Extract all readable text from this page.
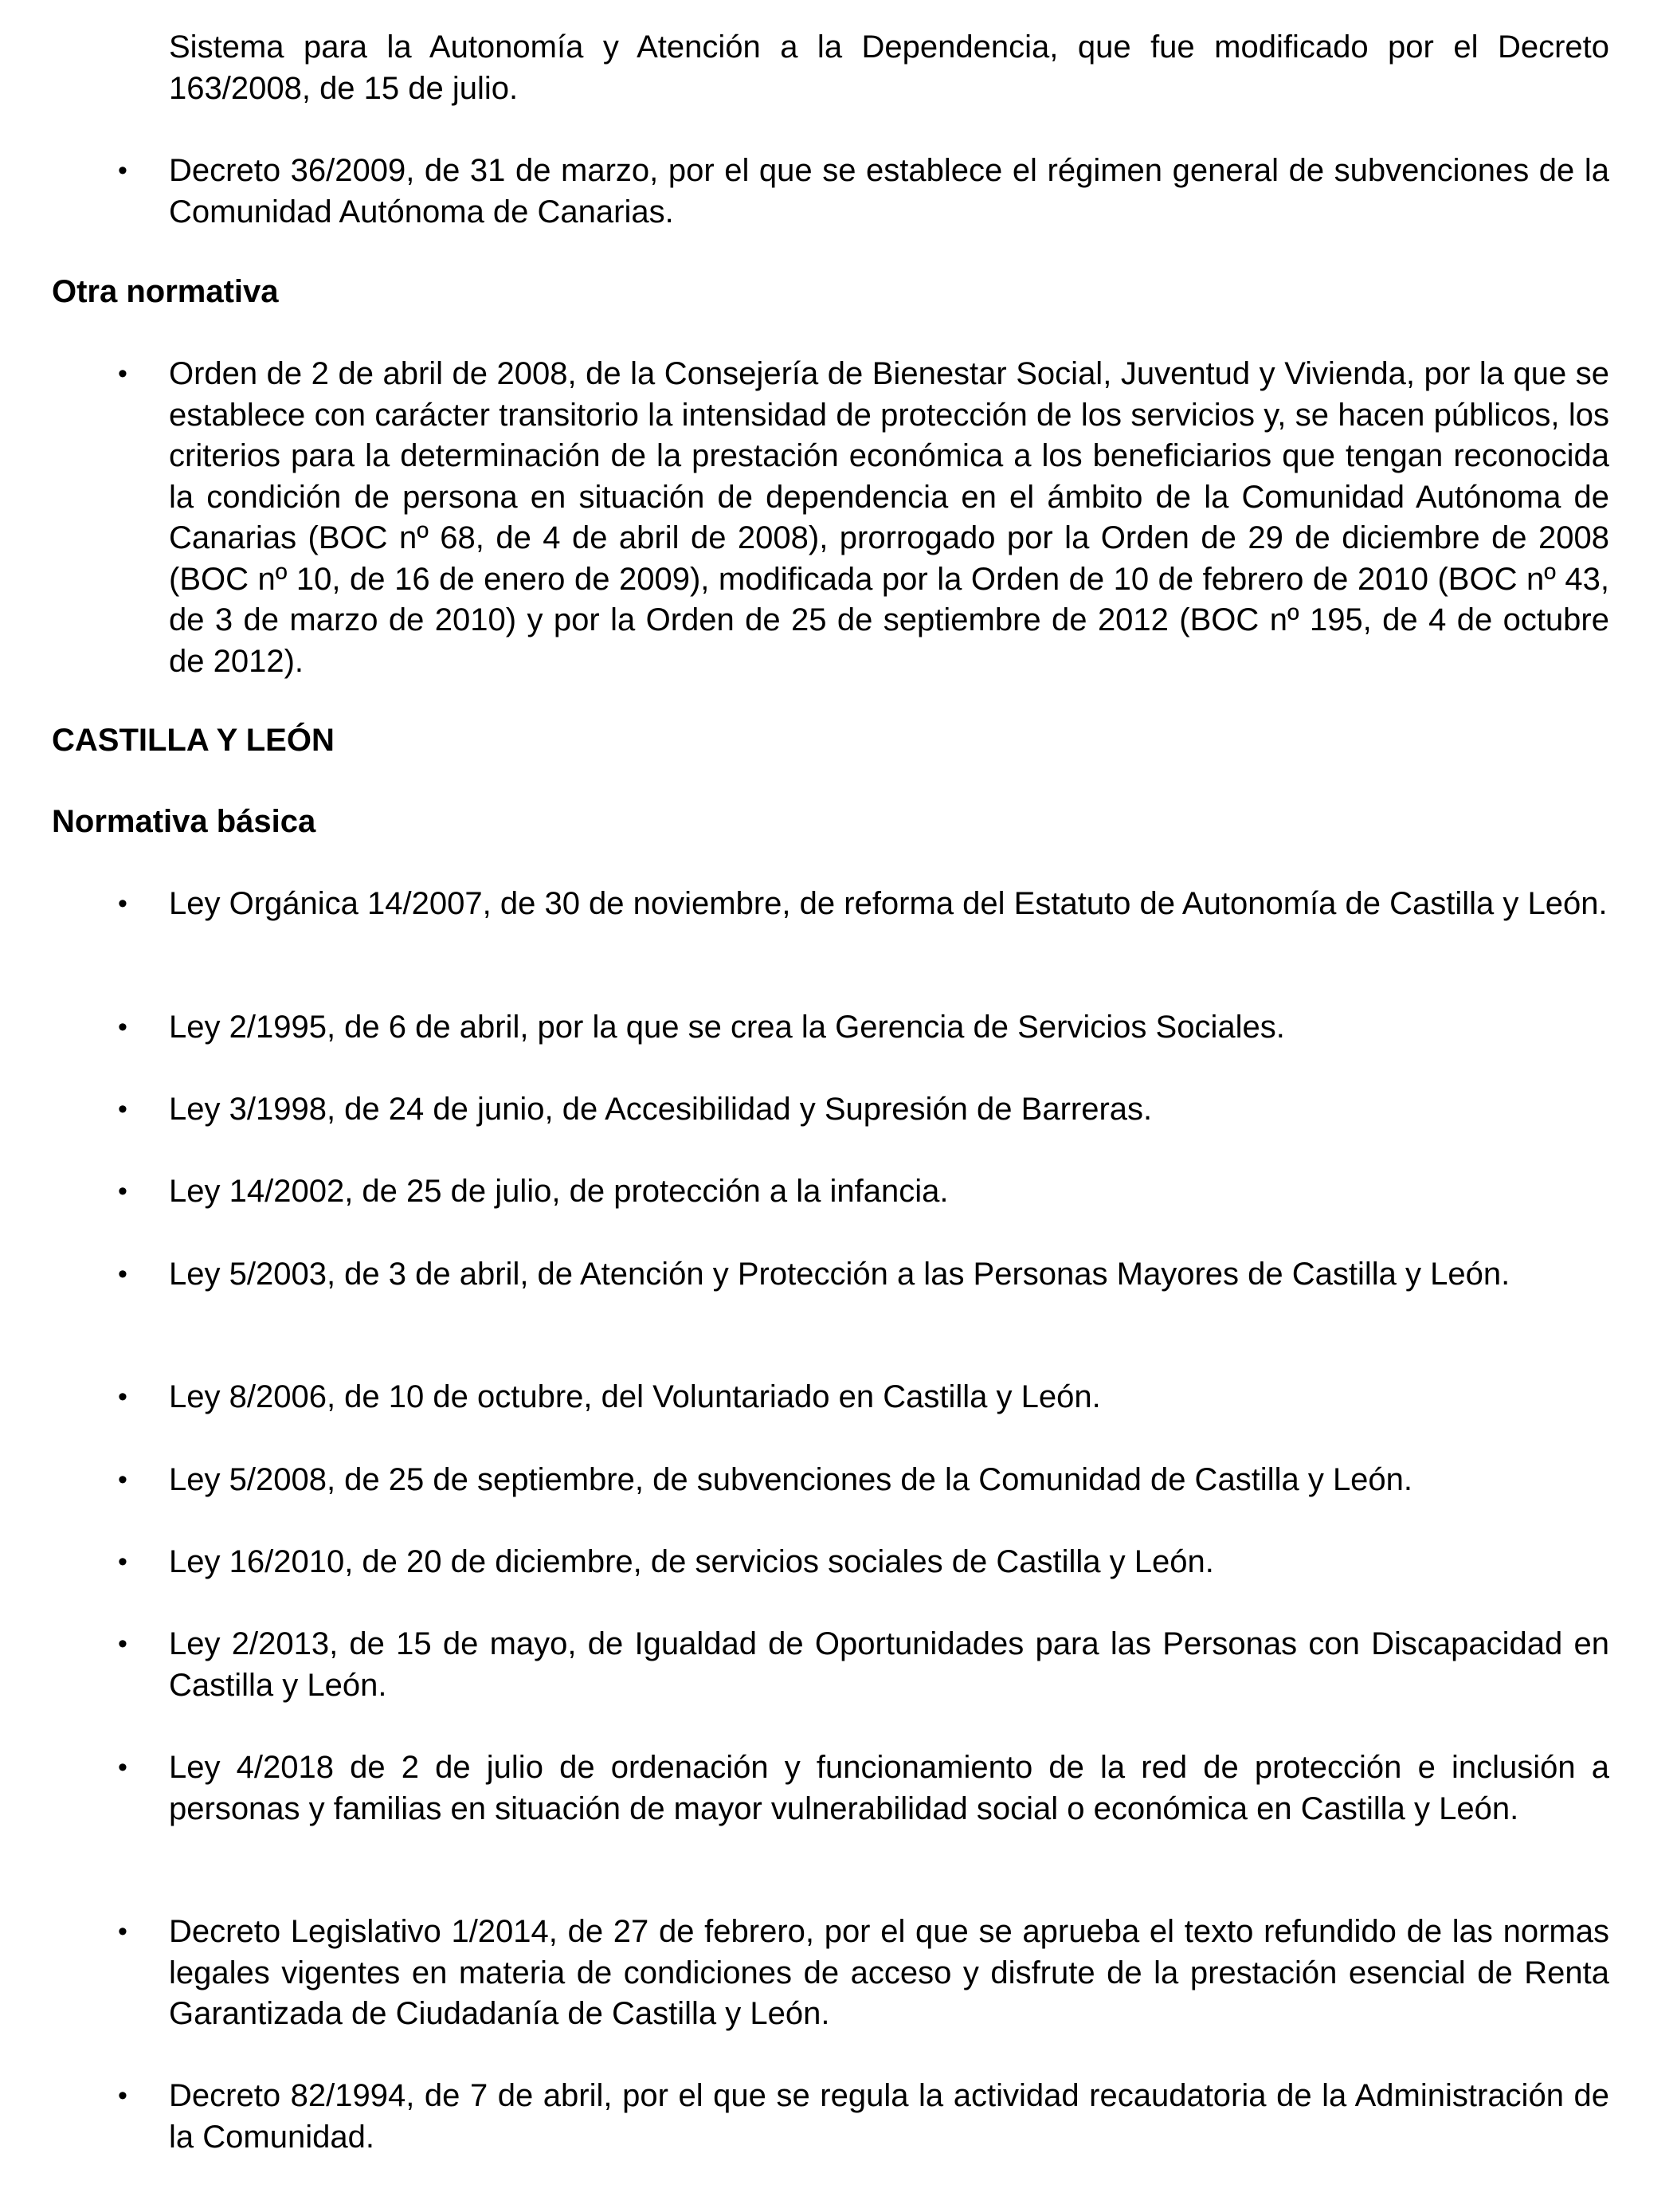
Sistema para la Autonomía y Atención a la Dependencia, que fue modificado por el Decreto 163/2008, de 15 de julio.
• Decreto 36/2009, de 31 de marzo, por el que se establece el régimen general de subvenciones de la Comunidad Autónoma de Canarias.
Otra normativa
• Orden de 2 de abril de 2008, de la Consejería de Bienestar Social, Juventud y Vivienda, por la que se establece con carácter transitorio la intensidad de protección de los servicios y, se hacen públicos, los criterios para la determinación de la prestación económica a los beneficiarios que tengan reconocida la condición de persona en situación de dependencia en el ámbito de la Comunidad Autónoma de Canarias (BOC nº 68, de 4 de abril de 2008), prorrogado por la Orden de 29 de diciembre de 2008 (BOC nº 10, de 16 de enero de 2009), modificada por la Orden de 10 de febrero de 2010 (BOC nº 43, de 3 de marzo de 2010) y por la Orden de 25 de septiembre de 2012 (BOC nº 195, de 4 de octubre de 2012).
CASTILLA Y LEÓN
Normativa básica
• Ley Orgánica 14/2007, de 30 de noviembre, de reforma del Estatuto de Autonomía de Castilla y León.
• Ley 2/1995, de 6 de abril, por la que se crea la Gerencia de Servicios Sociales.
• Ley 3/1998, de 24 de junio, de Accesibilidad y Supresión de Barreras.
• Ley 14/2002, de 25 de julio, de protección a la infancia.
• Ley 5/2003, de 3 de abril, de Atención y Protección a las Personas Mayores de Castilla y León.
• Ley 8/2006, de 10 de octubre, del Voluntariado en Castilla y León.
• Ley 5/2008, de 25 de septiembre, de subvenciones de la Comunidad de Castilla y León.
• Ley 16/2010, de 20 de diciembre, de servicios sociales de Castilla y León.
• Ley 2/2013, de 15 de mayo, de Igualdad de Oportunidades para las Personas con Discapacidad en Castilla y León.
• Ley 4/2018 de 2 de julio de ordenación y funcionamiento de la red de protección e inclusión a personas y familias en situación de mayor vulnerabilidad social o económica en Castilla y León.
• Decreto Legislativo 1/2014, de 27 de febrero, por el que se aprueba el texto refundido de las normas legales vigentes en materia de condiciones de acceso y disfrute de la prestación esencial de Renta Garantizada de Ciudadanía de Castilla y León.
• Decreto 82/1994, de 7 de abril, por el que se regula la actividad recaudatoria de la Administración de la Comunidad.
